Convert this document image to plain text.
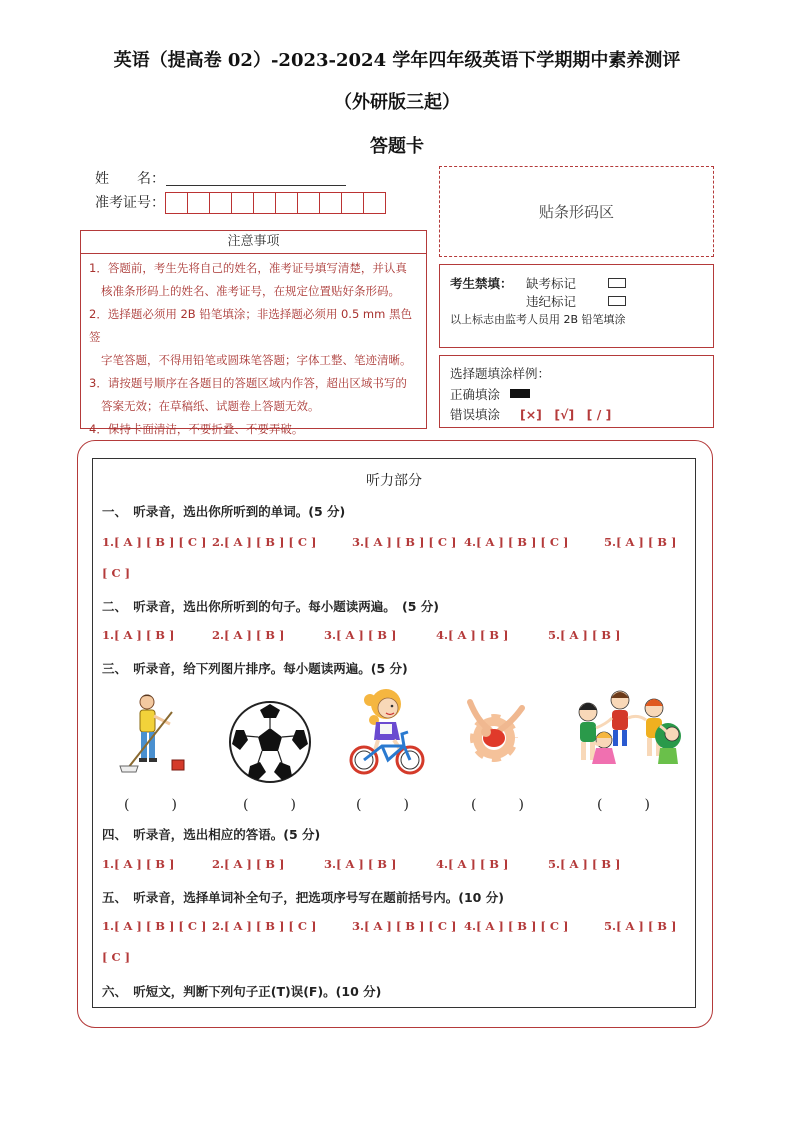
英语（提高卷 02）-2023-2024 学年四年级英语下学期期中素养测评
（外研版三起）
答题卡
姓　　名：
准考证号：	贴条形码区
注意事项
1．答题前，考生先将自己的姓名，准考证号填写清楚，并认真
核准条形码上的姓名、准考证号，在规定位置贴好条形码。
2．选择题必须用 2B 铅笔填涂；非选择题必须用 0.5 mm 黑色签
字笔答题，不得用铅笔或圆珠笔答题；字体工整、笔迹清晰。
3．请按题号顺序在各题目的答题区域内作答，超出区域书写的
答案无效；在草稿纸、试题卷上答题无效。
4．保持卡面清洁，不要折叠、不要弄破。
考生禁填： 缺考标记
违纪标记
以上标志由监考人员用 2B 铅笔填涂
选择题填涂样例：
正确填涂
错误填涂 [×]　[√]　[ / ]
听力部分
一、　听录音，选出你所听到的单词。(5 分)
1.[ A ] [ B ] [ C ] 2.[ A ] [ B ] [ C ]	3.[ A ] [ B ] [ C ] 4.[ A ] [ B ] [ C ]	5.[ A ] [ B ]
[ C ]
二、　听录音，选出你所听到的句子。每小题读两遍。　(5 分)
1.[ A ] [ B ]	2.[ A ] [ B ]	3.[ A ] [ B ]	4.[ A ] [ B ]	5.[ A ] [ B ]
三、　听录音，给下列图片排序。每小题读两遍。(5 分)
(　　　)	(　　　)	(　　　)	(　　　)	(　　　)
四、　听录音，选出相应的答语。(5 分)
1.[ A ] [ B ]	2.[ A ] [ B ]	3.[ A ] [ B ]	4.[ A ] [ B ]	5.[ A ] [ B ]
五、　听录音，选择单词补全句子，把选项序号写在题前括号内。(10 分)
1.[ A ] [ B ] [ C ] 2.[ A ] [ B ] [ C ]	3.[ A ] [ B ] [ C ] 4.[ A ] [ B ] [ C ]	5.[ A ] [ B ]
[ C ]
六、　听短文，判断下列句子正(T)误(F)。(10 分)
